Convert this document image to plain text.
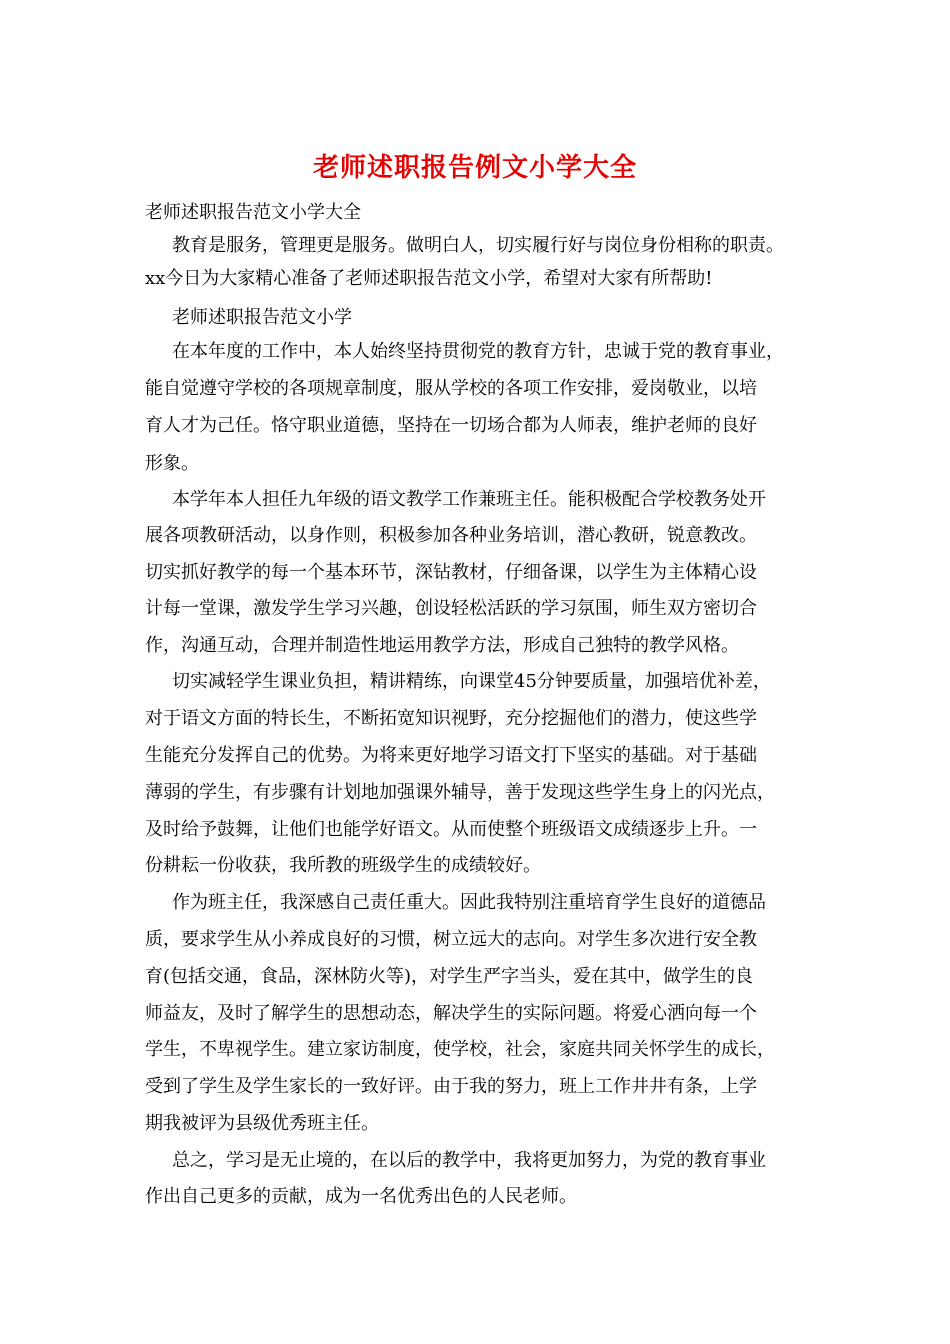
老师述职报告例文小学大全
老师述职报告范文小学大全
教育是服务，管理更是服务。做明白人，切实履行好与岗位身份相称的职责。
xx今日为大家精心准备了老师述职报告范文小学，希望对大家有所帮助!
老师述职报告范文小学
在本年度的工作中，本人始终坚持贯彻党的教育方针，忠诚于党的教育事业，
能自觉遵守学校的各项规章制度，服从学校的各项工作安排，爱岗敬业，以培
育人才为己任。恪守职业道德，坚持在一切场合都为人师表，维护老师的良好
形象。
本学年本人担任九年级的语文教学工作兼班主任。能积极配合学校教务处开
展各项教研活动，以身作则，积极参加各种业务培训，潜心教研，锐意教改。
切实抓好教学的每一个基本环节，深钻教材，仔细备课，以学生为主体精心设
计每一堂课，激发学生学习兴趣，创设轻松活跃的学习氛围，师生双方密切合
作，沟通互动，合理并制造性地运用教学方法，形成自己独特的教学风格。
切实减轻学生课业负担，精讲精练，向课堂45分钟要质量，加强培优补差，
对于语文方面的特长生，不断拓宽知识视野，充分挖掘他们的潜力，使这些学
生能充分发挥自己的优势。为将来更好地学习语文打下坚实的基础。对于基础
薄弱的学生，有步骤有计划地加强课外辅导，善于发现这些学生身上的闪光点，
及时给予鼓舞，让他们也能学好语文。从而使整个班级语文成绩逐步上升。一
份耕耘一份收获，我所教的班级学生的成绩较好。
作为班主任，我深感自己责任重大。因此我特别注重培育学生良好的道德品
质，要求学生从小养成良好的习惯，树立远大的志向。对学生多次进行安全教
育(包括交通，食品，深林防火等)，对学生严字当头，爱在其中，做学生的良
师益友，及时了解学生的思想动态，解决学生的实际问题。将爱心洒向每一个
学生，不卑视学生。建立家访制度，使学校，社会，家庭共同关怀学生的成长，
受到了学生及学生家长的一致好评。由于我的努力，班上工作井井有条，上学
期我被评为县级优秀班主任。
总之，学习是无止境的，在以后的教学中，我将更加努力，为党的教育事业
作出自己更多的贡献，成为一名优秀出色的人民老师。
